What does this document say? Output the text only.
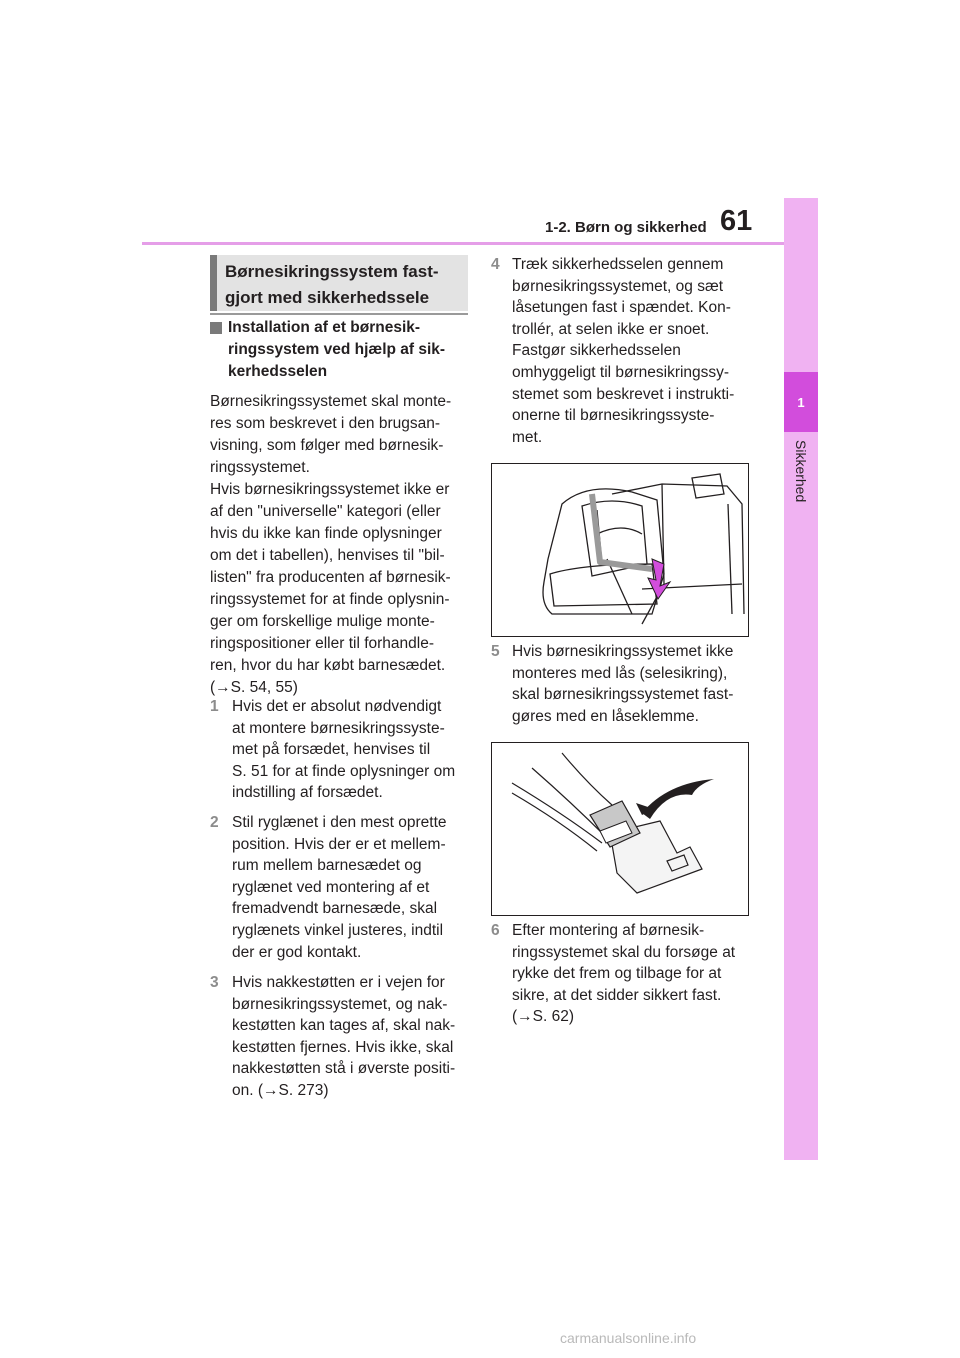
1-2. Børn og sikkerhed 61
1
Sikkerhed
Børnesikringssystem fast-
gjort med sikkerhedssele
Installation af et børnesik-
ringssystem ved hjælp af sik-
kerhedsselen
Børnesikringssystemet skal monte-
res som beskrevet i den brugsan-
visning, som følger med børnesik-
ringssystemet.
Hvis børnesikringssystemet ikke er
af den "universelle" kategori (eller
hvis du ikke kan finde oplysninger
om det i tabellen), henvises til "bil-
listen" fra producenten af børnesik-
ringssystemet for at finde oplysnin-
ger om forskellige mulige monte-
ringspositioner eller til forhandle-
ren, hvor du har købt barnesædet.
(→S. 54, 55)
1 Hvis det er absolut nødvendigt
at montere børnesikringssyste-
met på forsædet, henvises til
S. 51 for at finde oplysninger om
indstilling af forsædet.
2 Stil ryglænet i den mest oprette
position. Hvis der er et mellem-
rum mellem barnesædet og
ryglænet ved montering af et
fremadvendt barnesæde, skal
ryglænets vinkel justeres, indtil
der er god kontakt.
3 Hvis nakkestøtten er i vejen for
børnesikringssystemet, og nak-
kestøtten kan tages af, skal nak-
kestøtten fjernes. Hvis ikke, skal
nakkestøtten stå i øverste positi-
on. (→S. 273)
4 Træk sikkerhedsselen gennem
børnesikringssystemet, og sæt
låsetungen fast i spændet. Kon-
trollér, at selen ikke er snoet.
Fastgør sikkerhedsselen
omhyggeligt til børnesikringssy-
stemet som beskrevet i instrukti-
onerne til børnesikringssyste-
met.
5 Hvis børnesikringssystemet ikke
monteres med lås (selesikring),
skal børnesikringssystemet fast-
gøres med en låseklemme.
6 Efter montering af børnesik-
ringssystemet skal du forsøge at
rykke det frem og tilbage for at
sikre, at det sidder sikkert fast.
(→S. 62)
carmanualsonline.info
